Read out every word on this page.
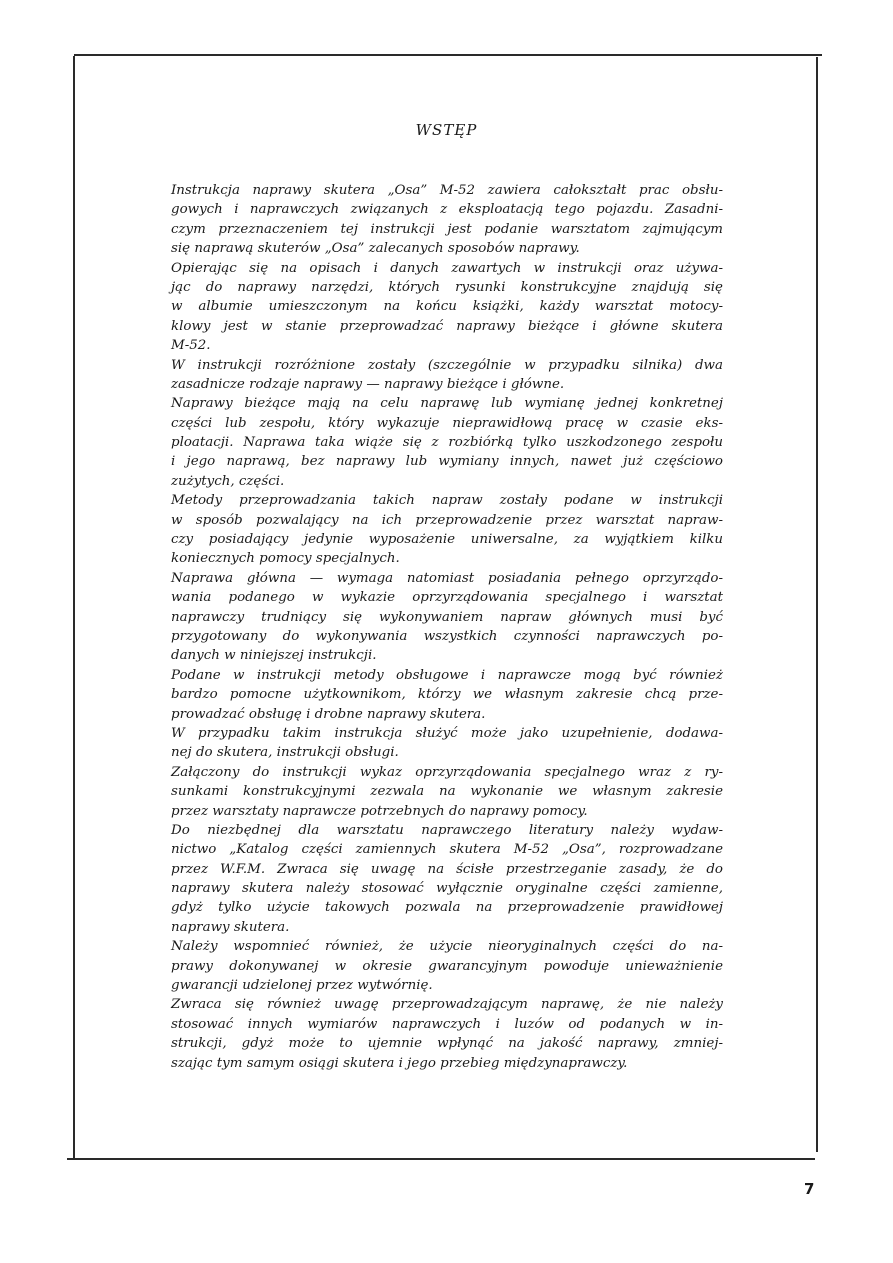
WSTĘP
Instrukcja naprawy skutera „Osa” M-52 zawiera całokształt prac obsłu-
gowych i naprawczych związanych z eksploatacją tego pojazdu. Zasadni-
czym przeznaczeniem tej instrukcji jest podanie warsztatom zajmującym
się naprawą skuterów „Osa” zalecanych sposobów naprawy.
Opierając się na opisach i danych zawartych w instrukcji oraz używa-
jąc do naprawy narzędzi, których rysunki konstrukcyjne znajdują się
w albumie umieszczonym na końcu książki, każdy warsztat motocy-
klowy jest w stanie przeprowadzać naprawy bieżące i główne skutera
M-52.
W instrukcji rozróżnione zostały (szczególnie w przypadku silnika) dwa
zasadnicze rodzaje naprawy — naprawy bieżące i główne.
Naprawy bieżące mają na celu naprawę lub wymianę jednej konkretnej
części lub zespołu, który wykazuje nieprawidłową pracę w czasie eks-
ploatacji. Naprawa taka wiąże się z rozbiórką tylko uszkodzonego zespołu
i jego naprawą, bez naprawy lub wymiany innych, nawet już częściowo
zużytych, części.
Metody przeprowadzania takich napraw zostały podane w instrukcji
w sposób pozwalający na ich przeprowadzenie przez warsztat napraw-
czy posiadający jedynie wyposażenie uniwersalne, za wyjątkiem kilku
koniecznych pomocy specjalnych.
Naprawa główna — wymaga natomiast posiadania pełnego oprzyrządo-
wania podanego w wykazie oprzyrządowania specjalnego i warsztat
naprawczy trudniący się wykonywaniem napraw głównych musi być
przygotowany do wykonywania wszystkich czynności naprawczych po-
danych w niniejszej instrukcji.
Podane w instrukcji metody obsługowe i naprawcze mogą być również
bardzo pomocne użytkownikom, którzy we własnym zakresie chcą prze-
prowadzać obsługę i drobne naprawy skutera.
W przypadku takim instrukcja służyć może jako uzupełnienie, dodawa-
nej do skutera, instrukcji obsługi.
Załączony do instrukcji wykaz oprzyrządowania specjalnego wraz z ry-
sunkami konstrukcyjnymi zezwala na wykonanie we własnym zakresie
przez warsztaty naprawcze potrzebnych do naprawy pomocy.
Do niezbędnej dla warsztatu naprawczego literatury należy wydaw-
nictwo „Katalog części zamiennych skutera M-52 „Osa”, rozprowadzane
przez W.F.M. Zwraca się uwagę na ścisłe przestrzeganie zasady, że do
naprawy skutera należy stosować wyłącznie oryginalne części zamienne,
gdyż tylko użycie takowych pozwala na przeprowadzenie prawidłowej
naprawy skutera.
Należy wspomnieć również, że użycie nieoryginalnych części do na-
prawy dokonywanej w okresie gwarancyjnym powoduje unieważnienie
gwarancji udzielonej przez wytwórnię.
Zwraca się również uwagę przeprowadzającym naprawę, że nie należy
stosować innych wymiarów naprawczych i luzów od podanych w in-
strukcji, gdyż może to ujemnie wpłynąć na jakość naprawy, zmniej-
szając tym samym osiągi skutera i jego przebieg międzynaprawczy.
7
